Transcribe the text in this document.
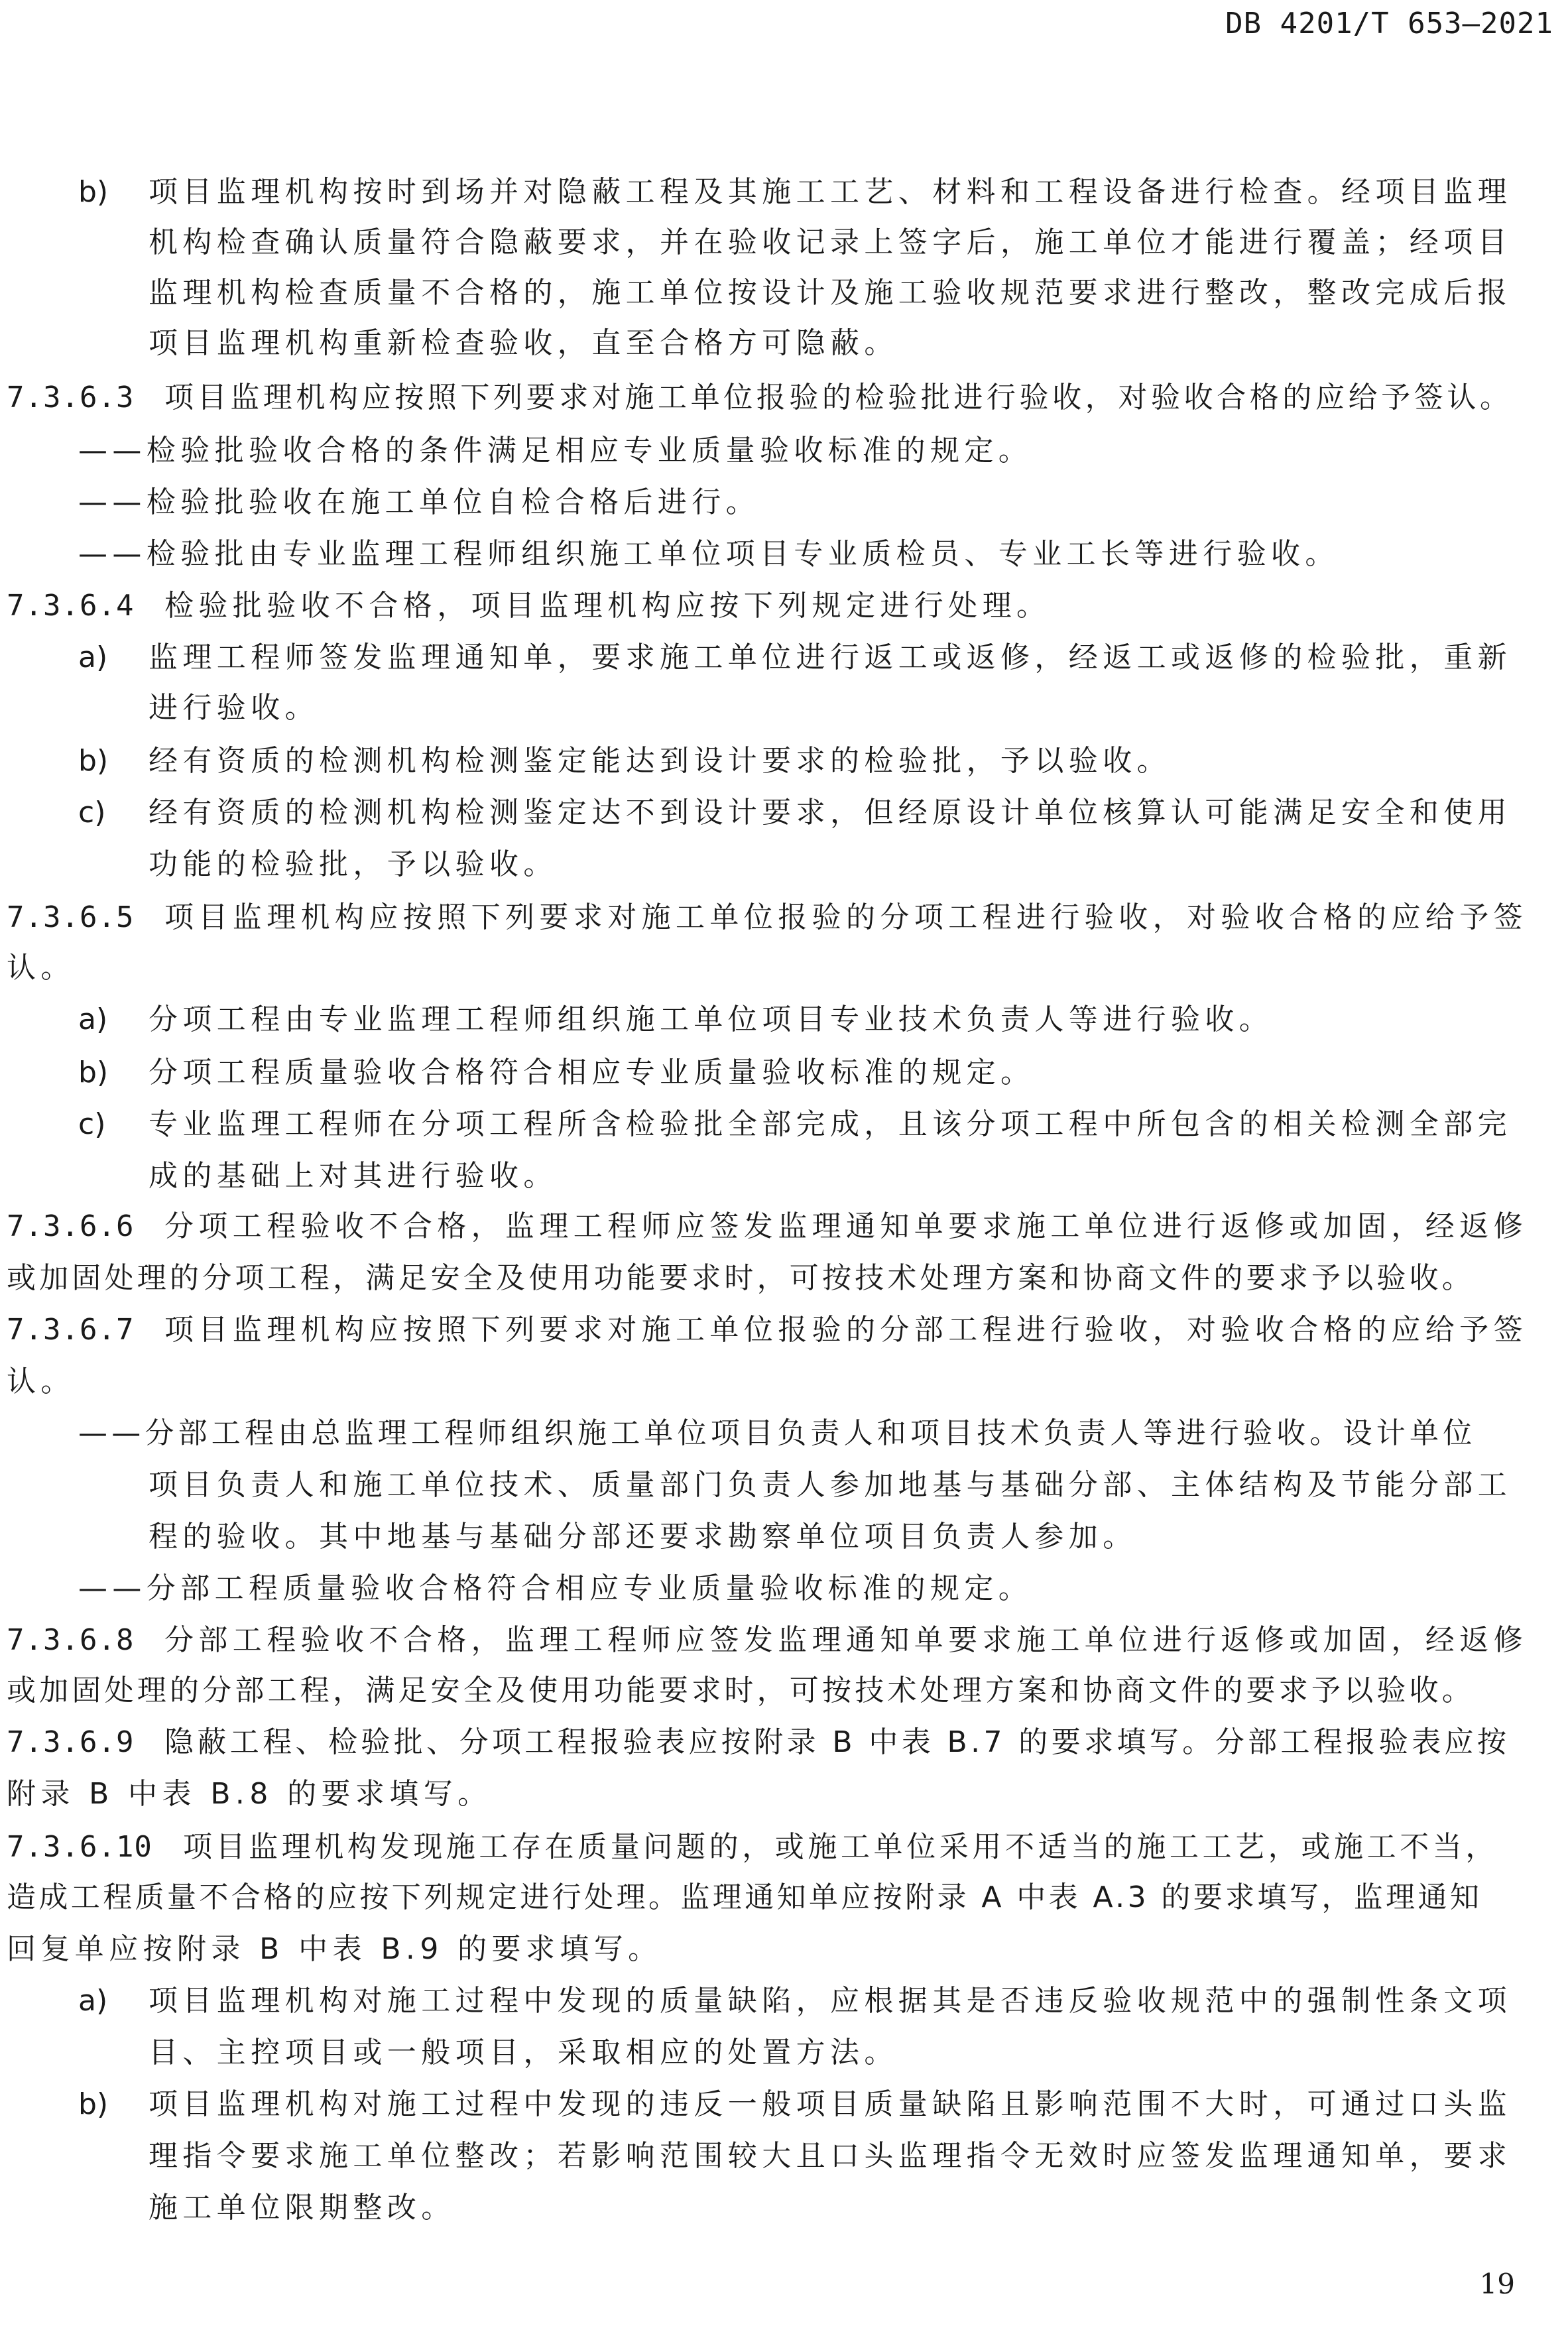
DB 4201/T 653—2021
b) 项目监理机构按时到场并对隐蔽工程及其施工工艺、材料和工程设备进行检查。经项目监理
机构检查确认质量符合隐蔽要求，并在验收记录上签字后，施工单位才能进行覆盖；经项目
监理机构检查质量不合格的，施工单位按设计及施工验收规范要求进行整改，整改完成后报
项目监理机构重新检查验收，直至合格方可隐蔽。
7.3.6.3 项目监理机构应按照下列要求对施工单位报验的检验批进行验收，对验收合格的应给予签认。
——检验批验收合格的条件满足相应专业质量验收标准的规定。
——检验批验收在施工单位自检合格后进行。
——检验批由专业监理工程师组织施工单位项目专业质检员、专业工长等进行验收。
7.3.6.4 检验批验收不合格，项目监理机构应按下列规定进行处理。
a) 监理工程师签发监理通知单，要求施工单位进行返工或返修，经返工或返修的检验批，重新
进行验收。
b) 经有资质的检测机构检测鉴定能达到设计要求的检验批，予以验收。
c) 经有资质的检测机构检测鉴定达不到设计要求，但经原设计单位核算认可能满足安全和使用
功能的检验批，予以验收。
7.3.6.5 项目监理机构应按照下列要求对施工单位报验的分项工程进行验收，对验收合格的应给予签
认。
a) 分项工程由专业监理工程师组织施工单位项目专业技术负责人等进行验收。
b) 分项工程质量验收合格符合相应专业质量验收标准的规定。
c) 专业监理工程师在分项工程所含检验批全部完成，且该分项工程中所包含的相关检测全部完
成的基础上对其进行验收。
7.3.6.6 分项工程验收不合格，监理工程师应签发监理通知单要求施工单位进行返修或加固，经返修
或加固处理的分项工程，满足安全及使用功能要求时，可按技术处理方案和协商文件的要求予以验收。
7.3.6.7 项目监理机构应按照下列要求对施工单位报验的分部工程进行验收，对验收合格的应给予签
认。
——分部工程由总监理工程师组织施工单位项目负责人和项目技术负责人等进行验收。设计单位
项目负责人和施工单位技术、质量部门负责人参加地基与基础分部、主体结构及节能分部工
程的验收。其中地基与基础分部还要求勘察单位项目负责人参加。
——分部工程质量验收合格符合相应专业质量验收标准的规定。
7.3.6.8 分部工程验收不合格，监理工程师应签发监理通知单要求施工单位进行返修或加固，经返修
或加固处理的分部工程，满足安全及使用功能要求时，可按技术处理方案和协商文件的要求予以验收。
7.3.6.9 隐蔽工程、检验批、分项工程报验表应按附录 B 中表 B.7 的要求填写。分部工程报验表应按
附录 B 中表 B.8 的要求填写。
7.3.6.10 项目监理机构发现施工存在质量问题的，或施工单位采用不适当的施工工艺，或施工不当，
造成工程质量不合格的应按下列规定进行处理。监理通知单应按附录 A 中表 A.3 的要求填写，监理通知
回复单应按附录 B 中表 B.9 的要求填写。
a) 项目监理机构对施工过程中发现的质量缺陷，应根据其是否违反验收规范中的强制性条文项
目、主控项目或一般项目，采取相应的处置方法。
b) 项目监理机构对施工过程中发现的违反一般项目质量缺陷且影响范围不大时，可通过口头监
理指令要求施工单位整改；若影响范围较大且口头监理指令无效时应签发监理通知单，要求
施工单位限期整改。
19
